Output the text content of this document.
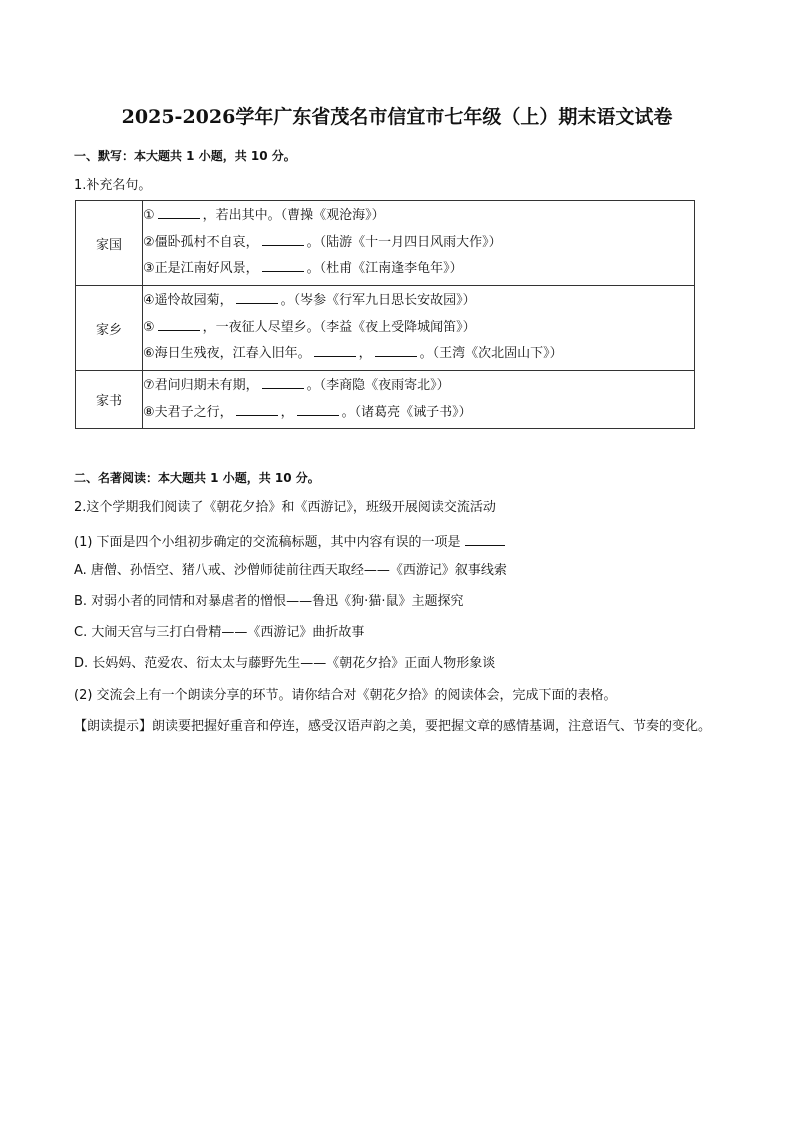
2025-2026学年广东省茂名市信宜市七年级（上）期末语文试卷
一、默写：本大题共 1 小题，共 10 分。
1.补充名句。
家国	① ，若出其中。（曹操《观沧海》）
②僵卧孤村不自哀， 。（陆游《十一月四日风雨大作》）
③正是江南好风景， 。（杜甫《江南逢李龟年》）

家乡	④遥怜故园菊， 。（岑参《行军九日思长安故园》）
⑤ ，一夜征人尽望乡。（李益《夜上受降城闻笛》）
⑥海日生残夜，江春入旧年。 ， 。（王湾《次北固山下》）

家书	⑦君问归期未有期， 。（李商隐《夜雨寄北》）
⑧夫君子之行， ， 。（诸葛亮《诫子书》）
二、名著阅读：本大题共 1 小题，共 10 分。
2.这个学期我们阅读了《朝花夕拾》和《西游记》，班级开展阅读交流活动
(1) 下面是四个小组初步确定的交流稿标题，其中内容有误的一项是
A. 唐僧、孙悟空、猪八戒、沙僧师徒前往西天取经——《西游记》叙事线索
B. 对弱小者的同情和对暴虐者的憎恨——鲁迅《狗·猫·鼠》主题探究
C. 大闹天宫与三打白骨精——《西游记》曲折故事
D. 长妈妈、范爱农、衍太太与藤野先生——《朝花夕拾》正面人物形象谈
(2) 交流会上有一个朗读分享的环节。请你结合对《朝花夕拾》的阅读体会，完成下面的表格。
【朗读提示】朗读要把握好重音和停连，感受汉语声韵之美，要把握文章的感情基调，注意语气、节奏的变化。
